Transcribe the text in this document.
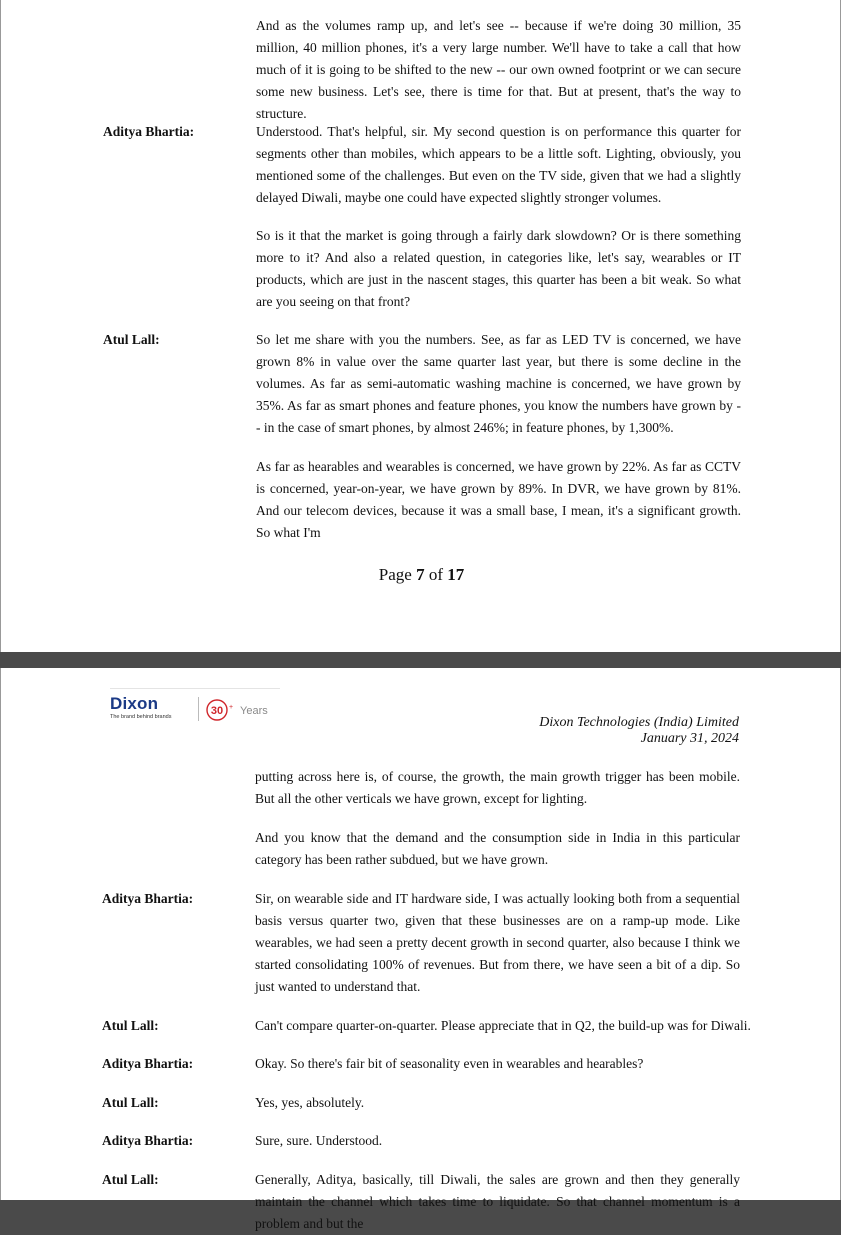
And as the volumes ramp up, and let's see -- because if we're doing 30 million, 35 million, 40 million phones, it's a very large number. We'll have to take a call that how much of it is going to be shifted to the new -- our own owned footprint or we can secure some new business. Let's see, there is time for that. But at present, that's the way to structure.

Aditya Bhartia:	Understood. That's helpful, sir. My second question is on performance this quarter for segments other than mobiles, which appears to be a little soft. Lighting, obviously, you mentioned some of the challenges. But even on the TV side, given that we had a slightly delayed Diwali, maybe one could have expected slightly stronger volumes.

So is it that the market is going through a fairly dark slowdown? Or is there something more to it? And also a related question, in categories like, let's say, wearables or IT products, which are just in the nascent stages, this quarter has been a bit weak. So what are you seeing on that front?

Atul Lall:	So let me share with you the numbers. See, as far as LED TV is concerned, we have grown 8% in value over the same quarter last year, but there is some decline in the volumes. As far as semi-automatic washing machine is concerned, we have grown by 35%. As far as smart phones and feature phones, you know the numbers have grown by -- in the case of smart phones, by almost 246%; in feature phones, by 1,300%.

As far as hearables and wearables is concerned, we have grown by 22%. As far as CCTV is concerned, year-on-year, we have grown by 89%. In DVR, we have grown by 81%. And our telecom devices, because it was a small base, I mean, it's a significant growth. So what I'm

Page 7 of 17
Dixon
The brand behind brands	30 + Years
Dixon Technologies (India) Limited
January 31, 2024

putting across here is, of course, the growth, the main growth trigger has been mobile. But all the other verticals we have grown, except for lighting.

And you know that the demand and the consumption side in India in this particular category has been rather subdued, but we have grown.

Aditya Bhartia:	Sir, on wearable side and IT hardware side, I was actually looking both from a sequential basis versus quarter two, given that these businesses are on a ramp-up mode. Like wearables, we had seen a pretty decent growth in second quarter, also because I think we started consolidating 100% of revenues. But from there, we have seen a bit of a dip. So just wanted to understand that.

Atul Lall:	Can't compare quarter-on-quarter. Please appreciate that in Q2, the build-up was for Diwali.

Aditya Bhartia:	Okay. So there's fair bit of seasonality even in wearables and hearables?

Atul Lall:	Yes, yes, absolutely.

Aditya Bhartia:	Sure, sure. Understood.

Atul Lall:	Generally, Aditya, basically, till Diwali, the sales are grown and then they generally maintain the channel which takes time to liquidate. So that channel momentum is a problem and but the
